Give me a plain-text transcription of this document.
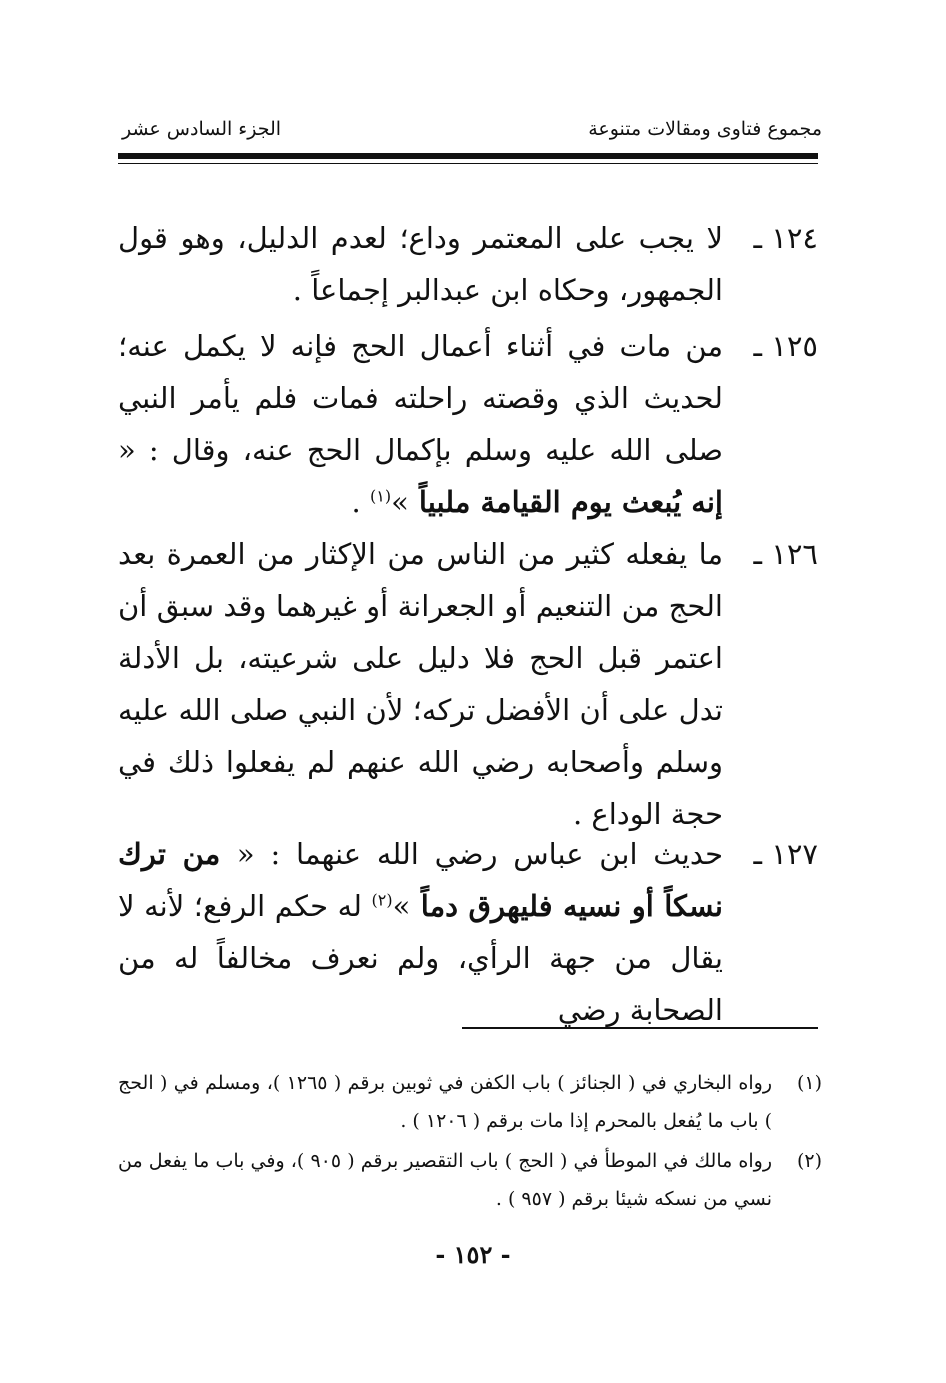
مجموع فتاوى ومقالات متنوعة
الجزء السادس عشر
١٢٤ ـ
لا يجب على المعتمر وداع؛ لعدم الدليل، وهو قول الجمهور، وحكاه ابن عبدالبر إجماعاً .
١٢٥ ـ
من مات في أثناء أعمال الحج فإنه لا يكمل عنه؛ لحديث الذي وقصته راحلته فمات فلم يأمر النبي صلى الله عليه وسلم بإكمال الحج عنه، وقال : « إنه يُبعث يوم القيامة ملبياً »$^{(١)}$ .
١٢٦ ـ
ما يفعله كثير من الناس من الإكثار من العمرة بعد الحج من التنعيم أو الجعرانة أو غيرهما وقد سبق أن اعتمر قبل الحج فلا دليل على شرعيته، بل الأدلة تدل على أن الأفضل تركه؛ لأن النبي صلى الله عليه وسلم وأصحابه رضي الله عنهم لم يفعلوا ذلك في حجة الوداع .
١٢٧ ـ
حديث ابن عباس رضي الله عنهما : « من ترك نسكاً أو نسيه فليهرق دماً »$^{(٢)}$ له حكم الرفع؛ لأنه لا يقال من جهة الرأي، ولم نعرف مخالفاً له من الصحابة رضي
(١)
رواه البخاري في ( الجنائز ) باب الكفن في ثوبين برقم ( ١٢٦٥ )، ومسلم في ( الحج ) باب ما يُفعل بالمحرم إذا مات برقم ( ١٢٠٦ ) .
(٢)
رواه مالك في الموطأ في ( الحج ) باب التقصير برقم ( ٩٠٥ )، وفي باب ما يفعل من نسي من نسكه شيئا برقم ( ٩٥٧ ) .
- ١٥٢ -
